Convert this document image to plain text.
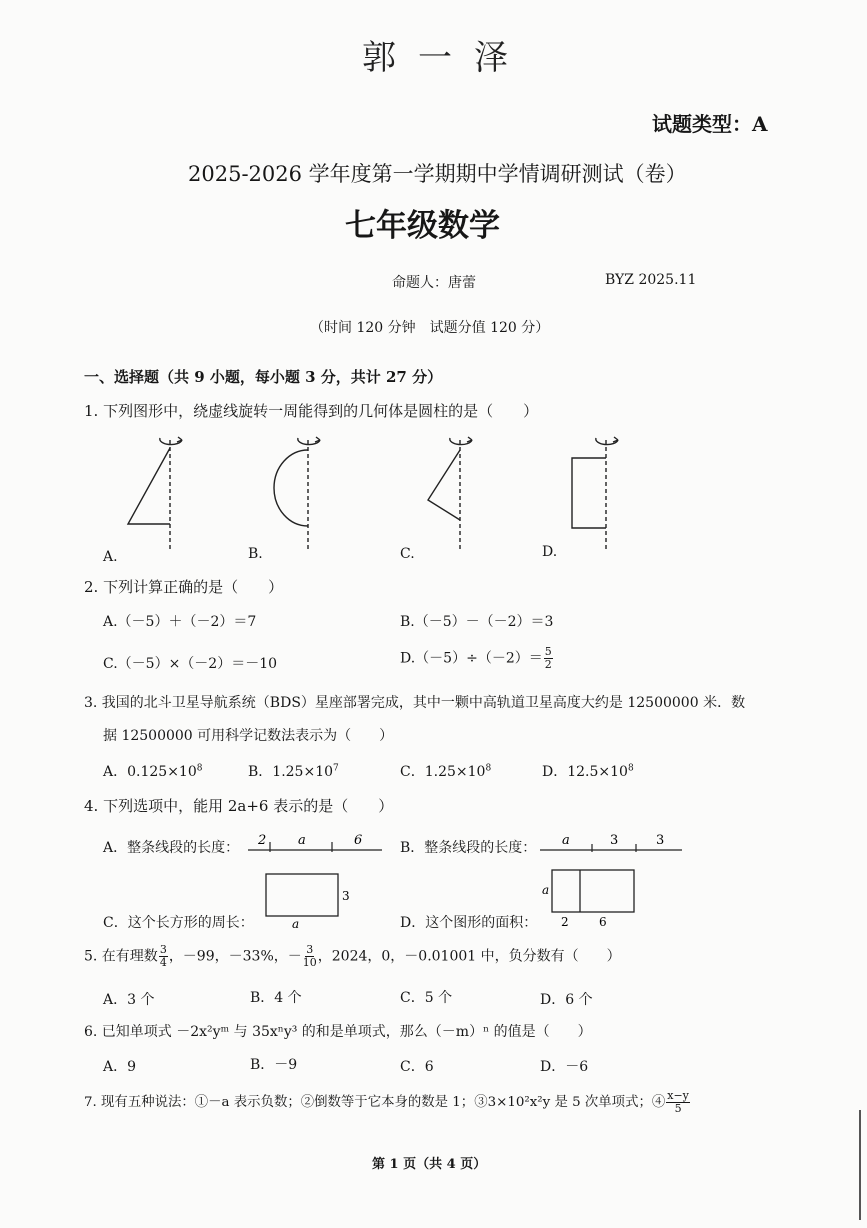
郭一泽
试题类型：A
2025-2026 学年度第一学期期中学情调研测试（卷）
七年级数学
命题人：唐蕾	BYZ 2025.11
（时间 120 分钟　试题分值 120 分）
一、选择题（共 9 小题，每小题 3 分，共计 27 分）
1. 下列图形中，绕虚线旋转一周能得到的几何体是圆柱的是（　　）
A.	B.	C.	D.
2. 下列计算正确的是（　　）
A.（－5）＋（－2）＝7	B.（－5）－（－2）＝3
C.（－5）×（－2）＝－10	$D.(-5)\div(-2)= \frac{5}{2}$
3. 我国的北斗卫星导航系统（BDS）星座部署完成，其中一颗中高轨道卫星高度大约是 12500000 米．数
据 12500000 可用科学记数法表示为（　　）
A．$0.125\times 10^8$	B．$1.25\times 10^7$	C．$1.25\times 10^8$	D．$12.5\times 10^8$
4. 下列选项中，能用 2a+6 表示的是（　　）
A．整条线段的长度：	B．整条线段的长度：
2 a	6	a	3	3
3
a
a
2	6
C．这个长方形的周长：	D．这个图形的面积：
5. 在有理数 $\frac{3}{4}$ ，－99，－33%，－ $\frac{3}{10}$ ，2024，0，－0.01001 中，负分数有（　　）
A．3 个	B．4 个	C．5 个	D．6 个
6. 已知单项式 －2x²yᵐ 与 35xⁿy³ 的和是单项式，那么（－m）ⁿ 的值是（　　）
A．9	B．－9	C．6	D．－6
7. 现有五种说法：①－a 表示负数；②倒数等于它本身的数是 1；③3×10²x²y 是 5 次单项式；④ $\frac{x-y}{5}$
第 1 页（共 4 页）
